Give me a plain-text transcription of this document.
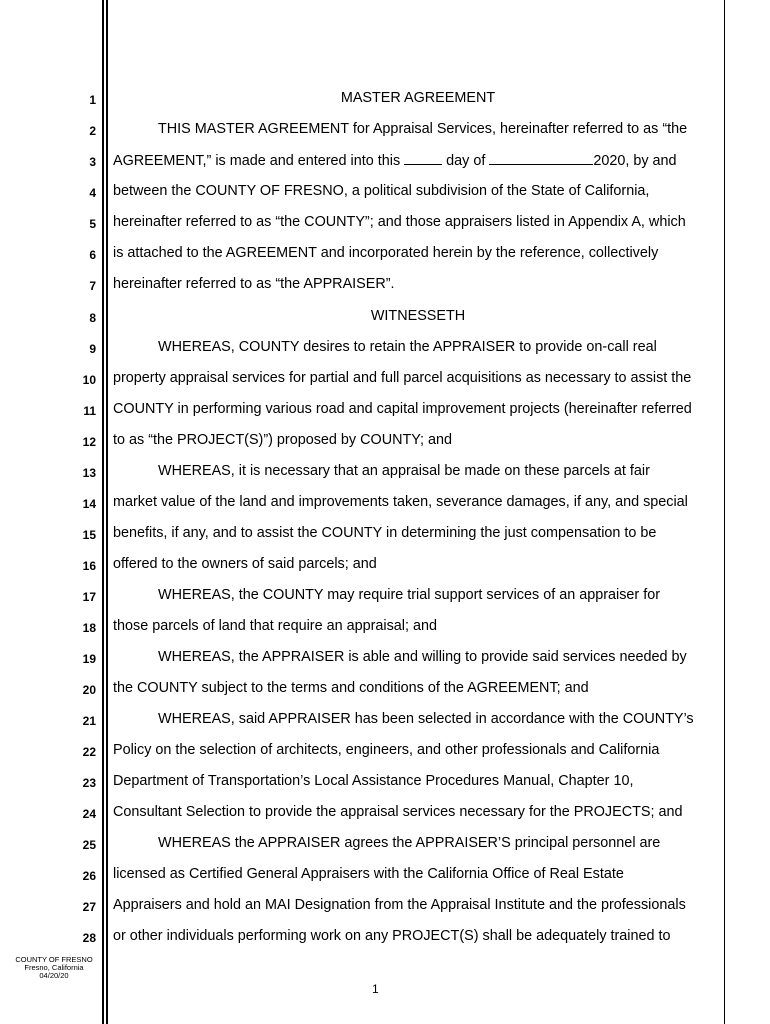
1
2
3
4
5
6
7
8
9
10
11
12
13
14
15
16
17
18
19
20
21
22
23
24
25
26
27
28
MASTER AGREEMENT
THIS MASTER AGREEMENT for Appraisal Services, hereinafter referred to as “the
AGREEMENT,” is made and entered into this	day of	2020, by and
between the COUNTY OF FRESNO, a political subdivision of the State of California,
hereinafter referred to as “the COUNTY”; and those appraisers listed in Appendix A, which
is attached to the AGREEMENT and incorporated herein by the reference, collectively
hereinafter referred to as “the APPRAISER”.
WITNESSETH
WHEREAS, COUNTY desires to retain the APPRAISER to provide on-call real
property appraisal services for partial and full parcel acquisitions as necessary to assist the
COUNTY in performing various road and capital improvement projects (hereinafter referred
to as “the PROJECT(S)”) proposed by COUNTY; and
WHEREAS, it is necessary that an appraisal be made on these parcels at fair
market value of the land and improvements taken, severance damages, if any, and special
benefits, if any, and to assist the COUNTY in determining the just compensation to be
offered to the owners of said parcels; and
WHEREAS, the COUNTY may require trial support services of an appraiser for
those parcels of land that require an appraisal; and
WHEREAS, the APPRAISER is able and willing to provide said services needed by
the COUNTY subject to the terms and conditions of the AGREEMENT; and
WHEREAS, said APPRAISER has been selected in accordance with the COUNTY’s
Policy on the selection of architects, engineers, and other professionals and California
Department of Transportation’s Local Assistance Procedures Manual, Chapter 10,
Consultant Selection to provide the appraisal services necessary for the PROJECTS; and
WHEREAS the APPRAISER agrees the APPRAISER’S principal personnel are
licensed as Certified General Appraisers with the California Office of Real Estate
Appraisers and hold an MAI Designation from the Appraisal Institute and the professionals
or other individuals performing work on any PROJECT(S) shall be adequately trained to
COUNTY OF FRESNO
Fresno, California
04/20/20
1
